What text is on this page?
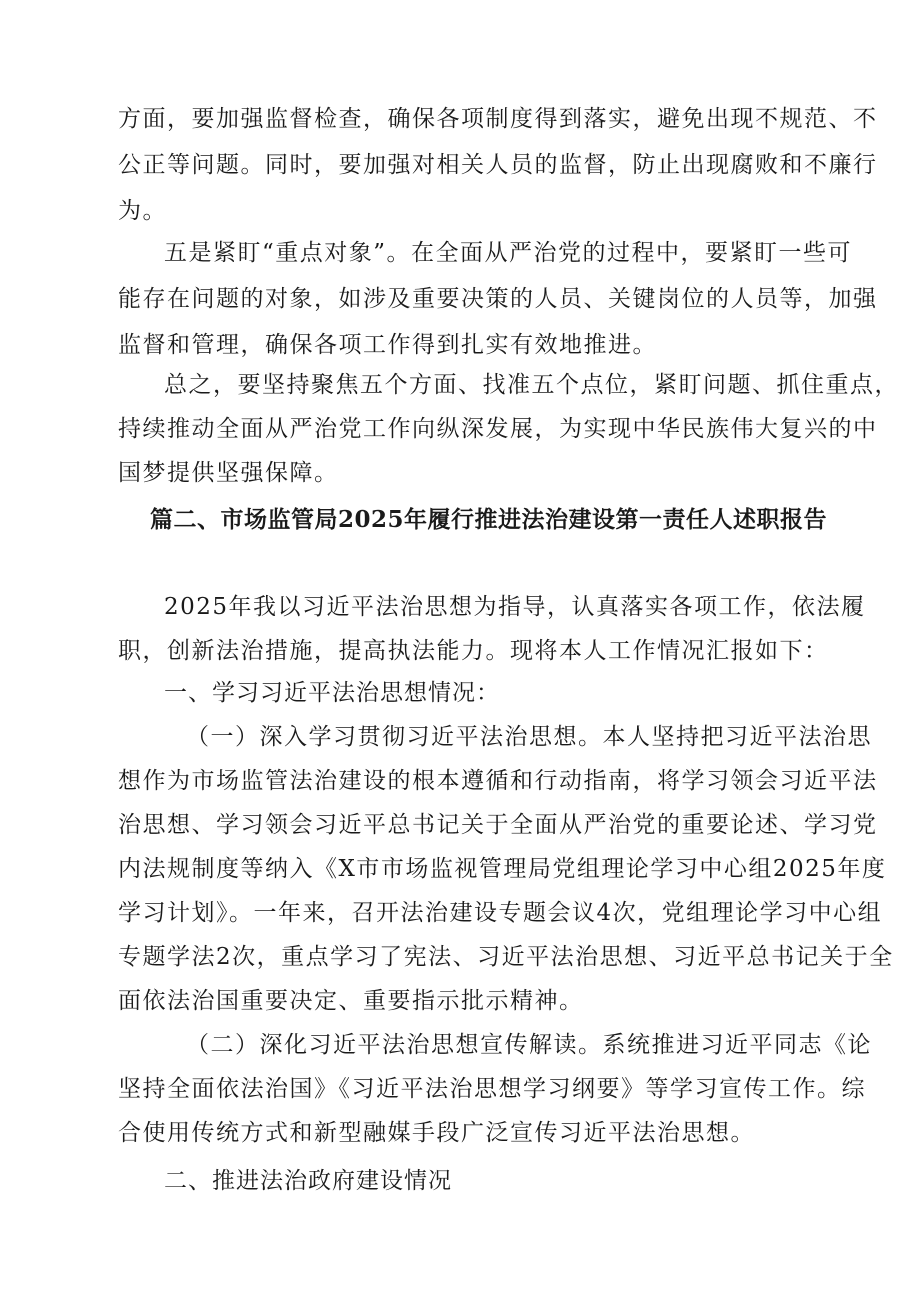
方面，要加强监督检查，确保各项制度得到落实，避免出现不规范、不
公正等问题。同时，要加强对相关人员的监督，防止出现腐败和不廉行
为。
五是紧盯“重点对象”。在全面从严治党的过程中，要紧盯一些可
能存在问题的对象，如涉及重要决策的人员、关键岗位的人员等，加强
监督和管理，确保各项工作得到扎实有效地推进。
总之，要坚持聚焦五个方面、找准五个点位，紧盯问题、抓住重点，
持续推动全面从严治党工作向纵深发展，为实现中华民族伟大复兴的中
国梦提供坚强保障。
篇二、市场监管局2025年履行推进法治建设第一责任人述职报告
2025年我以习近平法治思想为指导，认真落实各项工作，依法履
职，创新法治措施，提高执法能力。现将本人工作情况汇报如下：
一、学习习近平法治思想情况：
（一）深入学习贯彻习近平法治思想。本人坚持把习近平法治思
想作为市场监管法治建设的根本遵循和行动指南，将学习领会习近平法
治思想、学习领会习近平总书记关于全面从严治党的重要论述、学习党
内法规制度等纳入《X市市场监视管理局党组理论学习中心组2025年度
学习计划》。一年来，召开法治建设专题会议4次，党组理论学习中心组
专题学法2次，重点学习了宪法、习近平法治思想、习近平总书记关于全
面依法治国重要决定、重要指示批示精神。
（二）深化习近平法治思想宣传解读。系统推进习近平同志《论
坚持全面依法治国》《习近平法治思想学习纲要》等学习宣传工作。综
合使用传统方式和新型融媒手段广泛宣传习近平法治思想。
二、推进法治政府建设情况
